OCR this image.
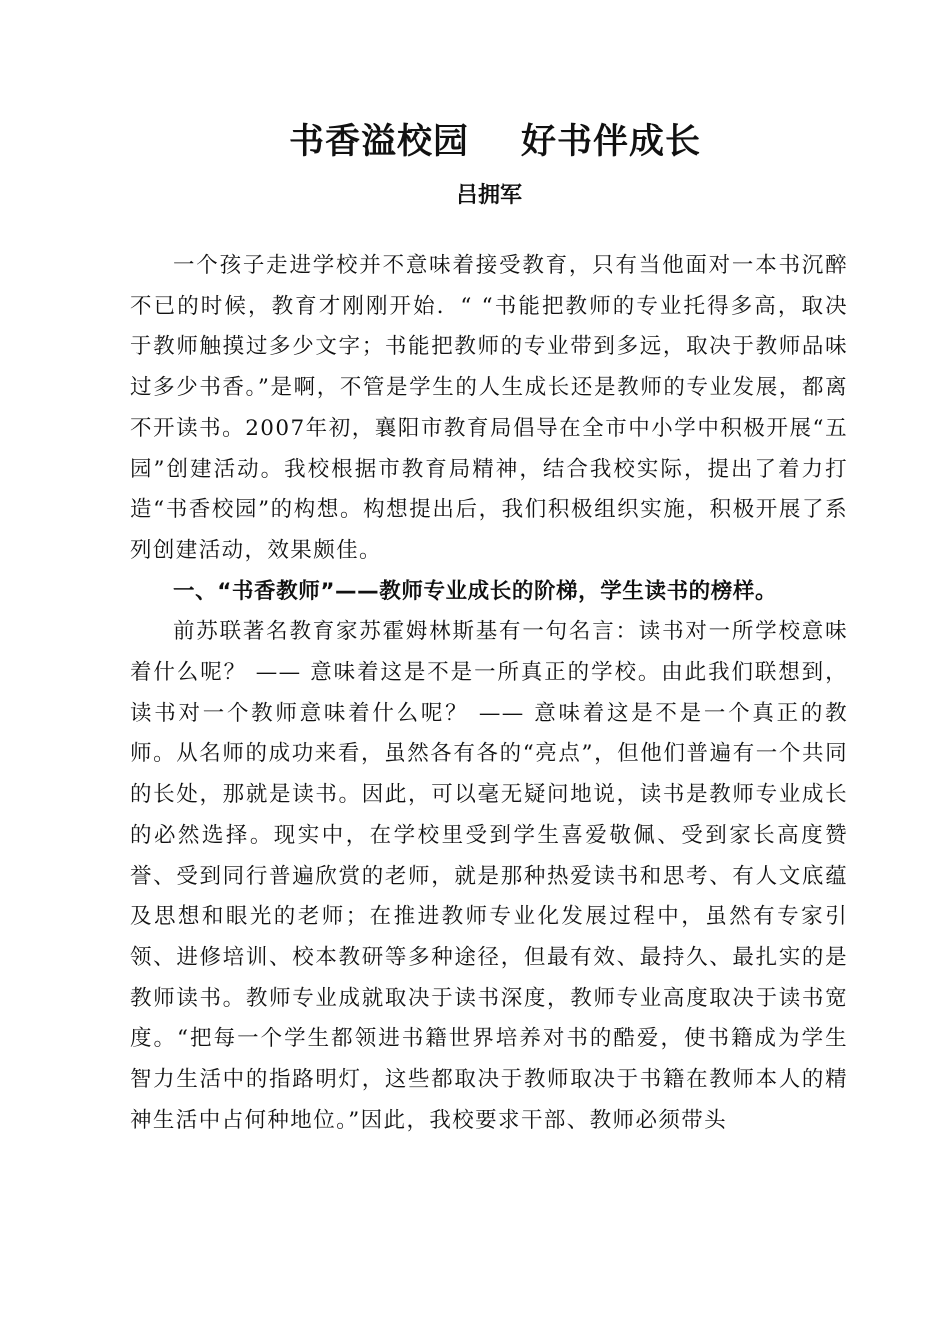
书香溢校园 好书伴成长
吕拥军

一个孩子走进学校并不意味着接受教育，只有当他面对一本书沉醉不已的时候，教育才刚刚开始．“ “书能把教师的专业托得多高，取决于教师触摸过多少文字；书能把教师的专业带到多远，取决于教师品味过多少书香。”是啊，不管是学生的人生成长还是教师的专业发展，都离不开读书。2007年初，襄阳市教育局倡导在全市中小学中积极开展“五园”创建活动。我校根据市教育局精神，结合我校实际，提出了着力打造“书香校园”的构想。构想提出后，我们积极组织实施，积极开展了系列创建活动，效果颇佳。

一、“书香教师”——教师专业成长的阶梯，学生读书的榜样。

前苏联著名教育家苏霍姆林斯基有一句名言：读书对一所学校意味着什么呢？ —— 意味着这是不是一所真正的学校。由此我们联想到，读书对一个教师意味着什么呢？ —— 意味着这是不是一个真正的教师。从名师的成功来看，虽然各有各的“亮点”，但他们普遍有一个共同的长处，那就是读书。因此，可以毫无疑问地说，读书是教师专业成长的必然选择。现实中，在学校里受到学生喜爱敬佩、受到家长高度赞誉、受到同行普遍欣赏的老师，就是那种热爱读书和思考、有人文底蕴及思想和眼光的老师；在推进教师专业化发展过程中，虽然有专家引领、进修培训、校本教研等多种途径，但最有效、最持久、最扎实的是教师读书。教师专业成就取决于读书深度，教师专业高度取决于读书宽度。“把每一个学生都领进书籍世界培养对书的酷爱，使书籍成为学生智力生活中的指路明灯，这些都取决于教师取决于书籍在教师本人的精神生活中占何种地位。”因此，我校要求干部、教师必须带头
